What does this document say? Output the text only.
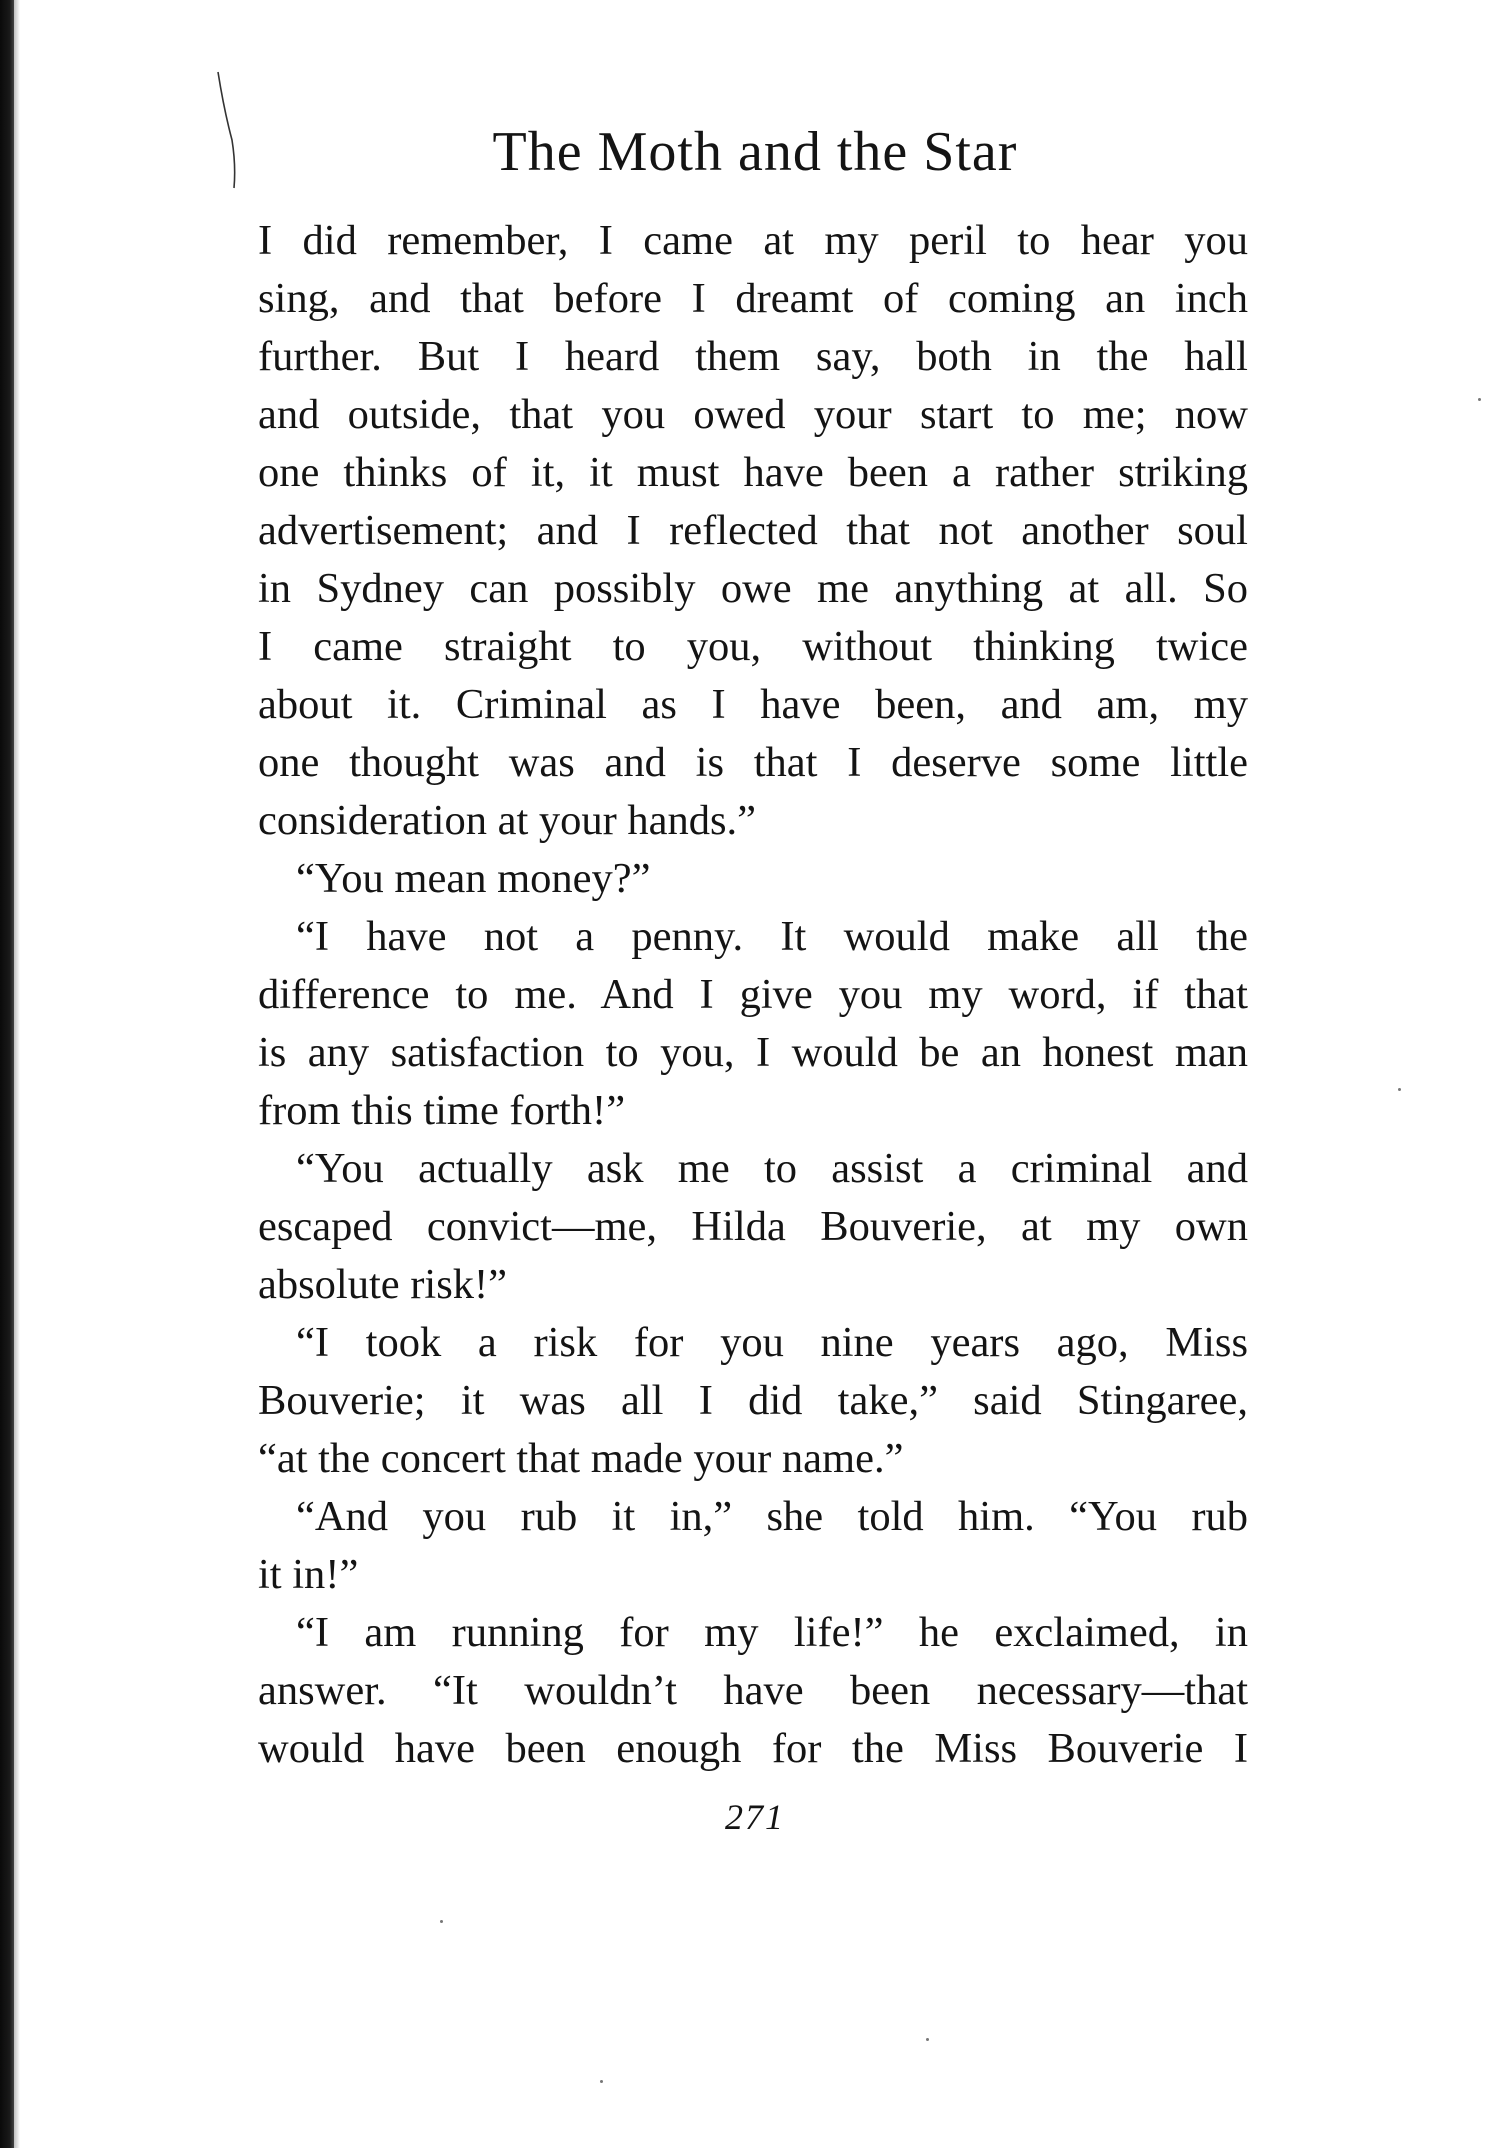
The Moth and the Star
I did remember, I came at my peril to hear you
sing, and that before I dreamt of coming an inch
further. But I heard them say, both in the hall
and outside, that you owed your start to me; now
one thinks of it, it must have been a rather striking
advertisement; and I reflected that not another soul
in Sydney can possibly owe me anything at all. So
I came straight to you, without thinking twice
about it. Criminal as I have been, and am, my
one thought was and is that I deserve some little
consideration at your hands.”
“You mean money?”
“I have not a penny. It would make all the
difference to me. And I give you my word, if that
is any satisfaction to you, I would be an honest man
from this time forth!”
“You actually ask me to assist a criminal and
escaped convict—me, Hilda Bouverie, at my own
absolute risk!”
“I took a risk for you nine years ago, Miss
Bouverie; it was all I did take,” said Stingaree,
“at the concert that made your name.”
“And you rub it in,” she told him. “You rub
it in!”
“I am running for my life!” he exclaimed, in
answer. “It wouldn’t have been necessary—that
would have been enough for the Miss Bouverie I
271
